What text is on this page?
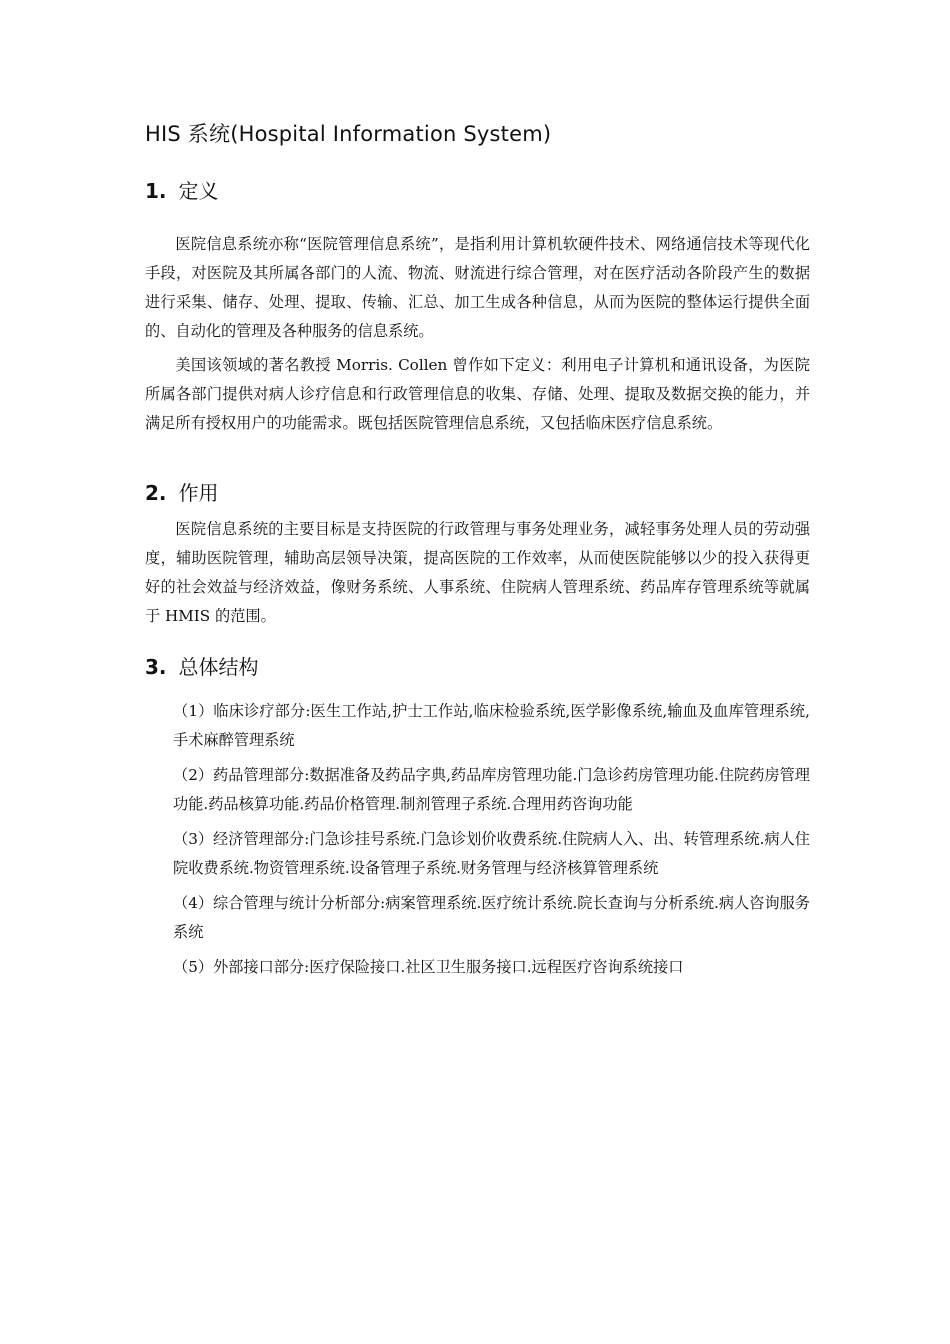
HIS 系统(Hospital Information System)
1. 定义

医院信息系统亦称“医院管理信息系统”，是指利用计算机软硬件技术、网络通信技术等现代化手段，对医院及其所属各部门的人流、物流、财流进行综合管理，对在医疗活动各阶段产生的数据进行采集、储存、处理、提取、传输、汇总、加工生成各种信息，从而为医院的整体运行提供全面的、自动化的管理及各种服务的信息系统。

美国该领域的著名教授 Morris. Collen 曾作如下定义：利用电子计算机和通讯设备，为医院所属各部门提供对病人诊疗信息和行政管理信息的收集、存储、处理、提取及数据交换的能力，并满足所有授权用户的功能需求。既包括医院管理信息系统，又包括临床医疗信息系统。

2. 作用

医院信息系统的主要目标是支持医院的行政管理与事务处理业务，减轻事务处理人员的劳动强度，辅助医院管理，辅助高层领导决策，提高医院的工作效率，从而使医院能够以少的投入获得更好的社会效益与经济效益，像财务系统、人事系统、住院病人管理系统、药品库存管理系统等就属于 HMIS 的范围。

3. 总体结构
（1）临床诊疗部分:医生工作站,护士工作站,临床检验系统,医学影像系统,输血及血库管理系统,手术麻醉管理系统
（2）药品管理部分:数据准备及药品字典,药品库房管理功能.门急诊药房管理功能.住院药房管理功能.药品核算功能.药品价格管理.制剂管理子系统.合理用药咨询功能
（3）经济管理部分:门急诊挂号系统.门急诊划价收费系统.住院病人入、出、转管理系统.病人住院收费系统.物资管理系统.设备管理子系统.财务管理与经济核算管理系统
（4）综合管理与统计分析部分:病案管理系统.医疗统计系统.院长查询与分析系统.病人咨询服务系统
（5）外部接口部分:医疗保险接口.社区卫生服务接口.远程医疗咨询系统接口
